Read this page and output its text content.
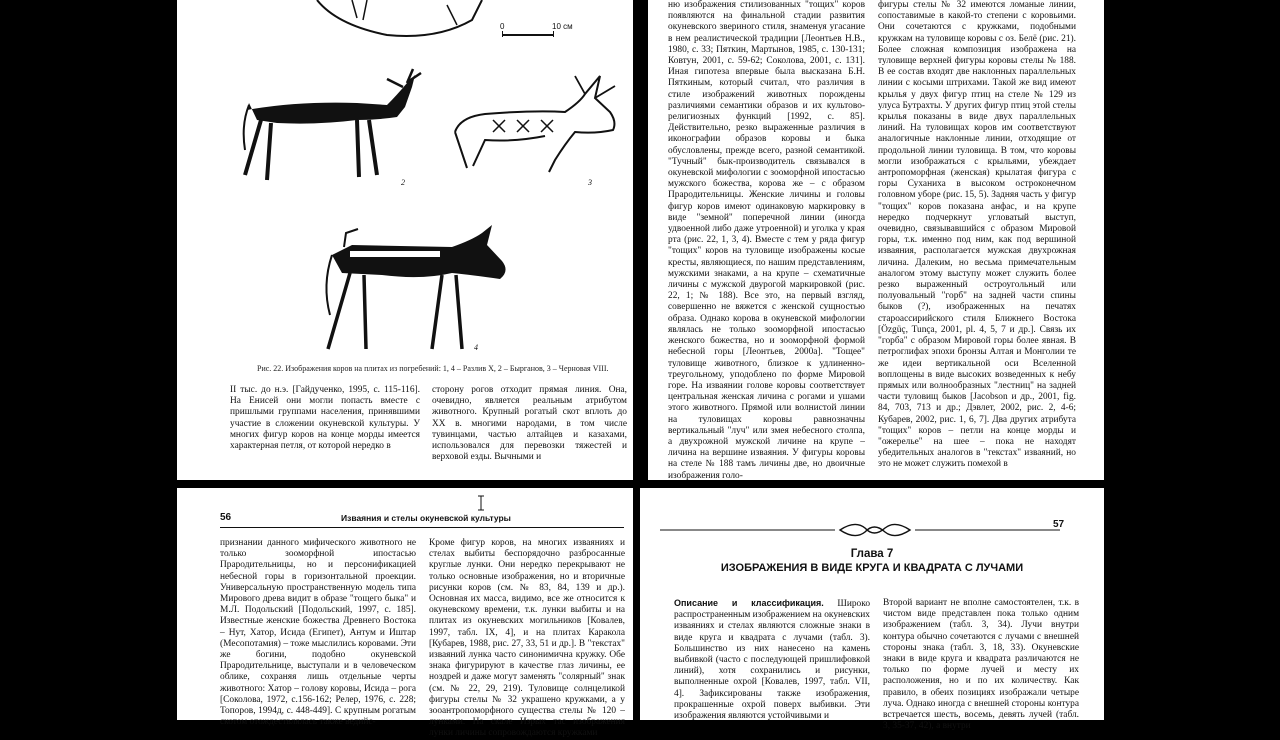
0	10 см
2	3
4
Рис. 22. Изображения коров на плитах из погребений: 1, 4 – Разлив X, 2 – Бырганов, 3 – Черновая VIII.
II тыс. до н.э. [Гайдученко, 1995, с. 115-116]. На Енисей они могли попасть вместе с пришлыми группами населения, принявшими участие в сложении окуневской культуры. У многих фигур коров на конце морды имеется характерная петля, от которой нередко в
сторону рогов отходит прямая линия. Она, очевидно, является реальным атрибутом животного. Крупный рогатый скот вплоть до XX в. многими народами, в том числе тувинцами, частью алтайцев и казахами, использовался для перевозки тяжестей и верховой езды. Вычными и
ню изображения стилизованных "тощих" коров появляются на финальной стадии развития окуневского звериного стиля, знаменуя угасание в нем реалистической традиции [Леонтьев Н.В., 1980, с. 33; Пяткин, Мартынов, 1985, с. 130-131; Ковтун, 2001, с. 59-62; Соколова, 2001, с. 131]. Иная гипотеза впервые была высказана Б.Н. Пяткиным, который считал, что различия в стиле изображений животных порождены различиями семантики образов и их культово-религиозных функций [1992, с. 85]. Действительно, резко выраженные различия в иконографии образов коровы и быка обусловлены, прежде всего, разной семантикой. "Тучный" бык-производитель связывался в окуневской мифологии с зооморфной ипостасью мужского божества, корова же – с образом Прародительницы. Женские личины и головы фигур коров имеют одинаковую маркировку в виде "земной" поперечной линии (иногда удвоенной либо даже утроенной) и уголка у края рта (рис. 22, 1, 3, 4). Вместе с тем у ряда фигур "тощих" коров на туловище изображены косые кресты, являющиеся, по нашим представлениям, мужскими знаками, а на крупе – схематичные личины с мужской двурогой маркировкой (рис. 22, 1; № 188). Все это, на первый взгляд, совершенно не вяжется с женской сущностью образа. Однако корова в окуневской мифологии являлась не только зооморфной ипостасью женского божества, но и зооморфной формой небесной горы [Леонтьев, 2000а]. "Тощее" туловище животного, близкое к удлиненно-треугольному, уподоблено по форме Мировой горе. На изваянии голове коровы соответствует центральная женская личина с рогами и ушами этого животного. Прямой или волнистой линии на туловищах коровы равнозначны вертикальный "луч" или змея небесного столпа, а двухрожной мужской личине на крупе – личина на вершине изваяния. У фигуры коровы на стеле № 188 тамъ личины две, но двоичные изображения голо-
фигуры стелы № 32 имеются ломаные линии, сопоставимые в какой-то степени с коровьими. Они сочетаются с кружками, подобными кружкам на туловище коровы с оз. Белё (рис. 21). Более сложная композиция изображена на туловище верхней фигуры коровы стелы № 188. В ее состав входят две наклонных параллельных линии с косыми штрихами. Такой же вид имеют крылья у двух фигур птиц на стеле № 129 из улуса Бутрахты. У других фигур птиц этой стелы крылья показаны в виде двух параллельных линий. На туловищах коров им соответствуют аналогичные наклонные линии, отходящие от продольной линии туловища. В том, что коровы могли изображаться с крыльями, убеждает антропоморфная (женская) крылатая фигура с горы Суханиха в высоком остроконечном головном уборе (рис. 15, 5). Задняя часть у фигур "тощих" коров показана анфас, и на крупе нередко подчеркнут угловатый выступ, очевидно, связывавшийся с образом Мировой горы, т.к. именно под ним, как под вершиной изваяния, располагается мужская двухрожная личина. Далеким, но весьма примечательным аналогом этому выступу может служить более резко выраженный остроугольный или полуовальный "горб" на задней части спины быков (?), изображенных на печатях староассирийского стиля Ближнего Востока [Özgüç, Tunça, 2001, pl. 4, 5, 7 и др.]. Связь их "горба" с образом Мировой горы более явная. В петроглифах эпохи бронзы Алтая и Монголии те же идеи вертикальной оси Вселенной воплощены в виде высоких возведенных к небу прямых или волнообразных "лестниц" на задней части туловищ быков [Jacobson и др., 2001, fig. 84, 703, 713 и др.; Дэвлет, 2002, рис. 2, 4-6; Кубарев, 2002, рис. 1, 6, 7]. Два других атрибута "тощих" коров – петли на конце морды и "ожерелье" на шее – пока не находят убедительных аналогов в "текстах" изваяний, но это не может служить помехой в
56	Изваяния и стелы окуневской культуры
признании данного мифического животного не только зооморфной ипостасью Прародительницы, но и персонификацией небесной горы в горизонтальной проекции. Универсальную пространственную модель типа Мирового древа видит в образе "тощего быка" и М.Л. Подольский [Подольский, 1997, с. 185]. Известные женские божества Древнего Востока – Нут, Хатор, Исида (Египет), Антум и Иштар (Месопотамия) – тоже мыслились коровами. Эти же богини, подобно окуневской Прародительнице, выступали и в человеческом облике, сохраняя лишь отдельные черты животного: Хатор – голову коровы, Исида – рога [Соколова, 1972, с.156-162; Релер, 1976, с. 228; Топоров, 1994д, с. 448-449]. С крупным рогатым скотом отождествлялась также ведийс-
Кроме фигур коров, на многих изваяниях и стелах выбиты беспорядочно разбросанные круглые лунки. Они нередко перекрывают не только основные изображения, но и вторичные рисунки коров (см. № 83, 84, 139 и др.). Основная их масса, видимо, все же относится к окуневскому времени, т.к. лунки выбиты и на плитах из окуневских могильников [Ковалев, 1997, табл. IX, 4], и на плитах Каракола [Кубарев, 1988, рис. 27, 33, 51 и др.]. В "текстах" изваяний лунка часто синонимична кружку. Обе знака фигурируют в качестве глаз личины, ее ноздрей и даже могут заменять "солярный" знак (см. № 22, 29, 219). Туловище солнцеликой фигуры стелы № 32 украшено кружками, а у зооантропоморфного существа стелы № 120 – лунками. На скале Изрых тас изображения лунки личины сопровождаются кружками
57
Глава 7
ИЗОБРАЖЕНИЯ В ВИДЕ КРУГА И КВАДРАТА С ЛУЧАМИ
Описание и классификация. Широко распространенным изображением на окуневских изваяниях и стелах являются сложные знаки в виде круга и квадрата с лучами (табл. 3). Большинство из них нанесено на камень выбивкой (часто с последующей пришлифовкой линий), хотя сохранились и рисунки, выполненные охрой [Ковалев, 1997, табл. VII, 4]. Зафиксированы также изображения, прокрашенные охрой поверх выбивки. Эти изображения являются устойчивыми и
Второй вариант не вполне самостоятелен, т.к. в чистом виде представлен пока только одним изображением (табл. 3, 34). Лучи внутри контура обычно сочетаются с лучами с внешней стороны знака (табл. 3, 18, 33). Окуневские знаки в виде круга и квадрата различаются не только по форме лучей и месту их расположения, но и по их количеству. Как правило, в обеих позициях изображали четыре луча. Однако иногда с внешней стороны контура встречается шесть, восемь, девять лучей (табл. 3, 35-37, 42), а внутри
